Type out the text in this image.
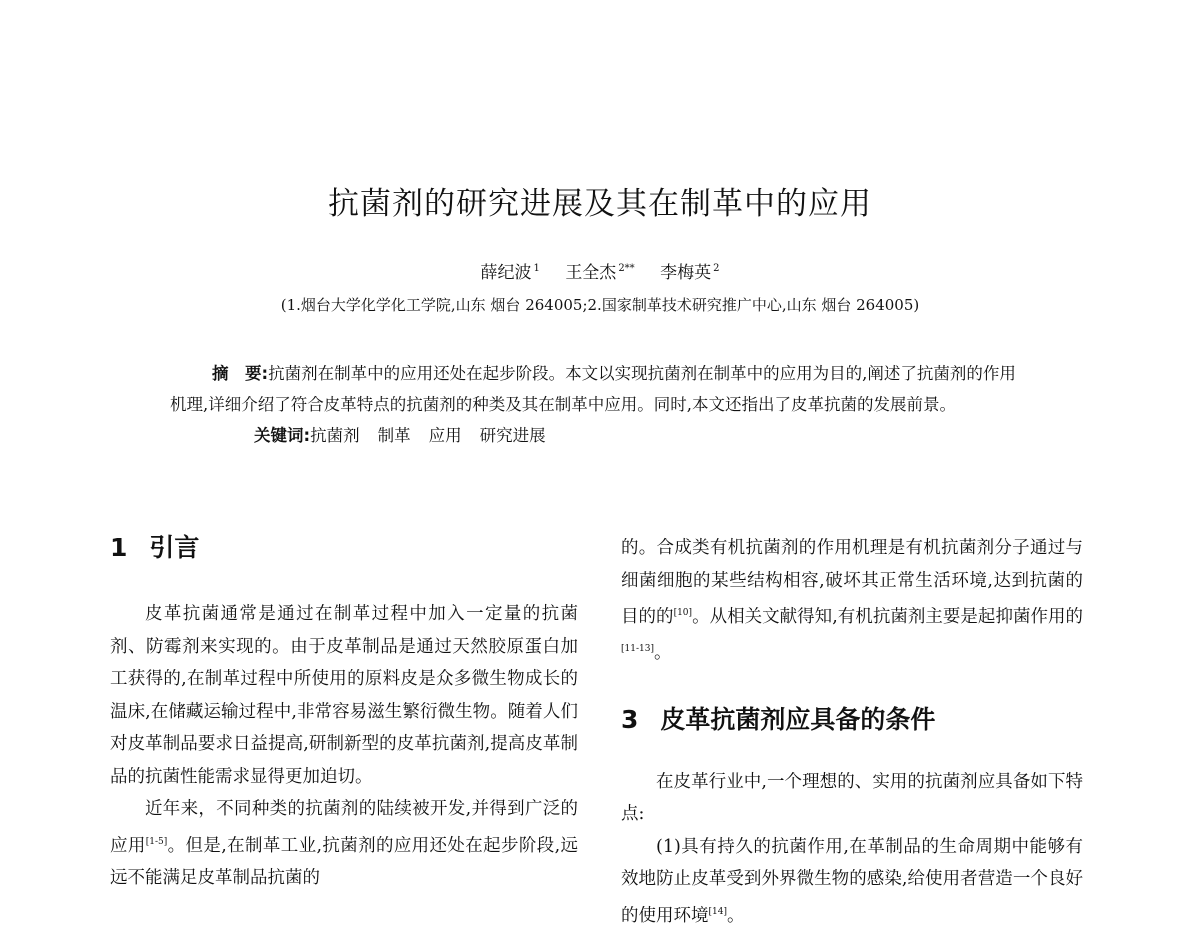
抗菌剂的研究进展及其在制革中的应用
薛纪波 $^1$ 王全杰 $^{2**}$ 李梅英 $^2$
(1.烟台大学化学化工学院,山东 烟台 264005;2.国家制革技术研究推广中心,山东 烟台 264005)

摘　要:抗菌剂在制革中的应用还处在起步阶段。本文以实现抗菌剂在制革中的应用为目的,阐述了抗菌剂的作用机理,详细介绍了符合皮革特点的抗菌剂的种类及其在制革中应用。同时,本文还指出了皮革抗菌的发展前景。

关键词:抗菌剂 制革 应用 研究进展

1 引言

皮革抗菌通常是通过在制革过程中加入一定量的抗菌剂、防霉剂来实现的。由于皮革制品是通过天然胶原蛋白加工获得的,在制革过程中所使用的原料皮是众多微生物成长的温床,在储藏运输过程中,非常容易滋生繁衍微生物。随着人们对皮革制品要求日益提高,研制新型的皮革抗菌剂,提高皮革制品的抗菌性能需求显得更加迫切。

近年来，不同种类的抗菌剂的陆续被开发,并得到广泛的应用[1-5]。但是,在制革工业,抗菌剂的应用还处在起步阶段,远远不能满足皮革制品抗菌的

的。合成类有机抗菌剂的作用机理是有机抗菌剂分子通过与细菌细胞的某些结构相容,破坏其正常生活环境,达到抗菌的目的的[10]。从相关文献得知,有机抗菌剂主要是起抑菌作用的[11-13]。

3 皮革抗菌剂应具备的条件

在皮革行业中,一个理想的、实用的抗菌剂应具备如下特点:

(1)具有持久的抗菌作用,在革制品的生命周期中能够有效地防止皮革受到外界微生物的感染,给使用者营造一个良好的使用环境[14]。
